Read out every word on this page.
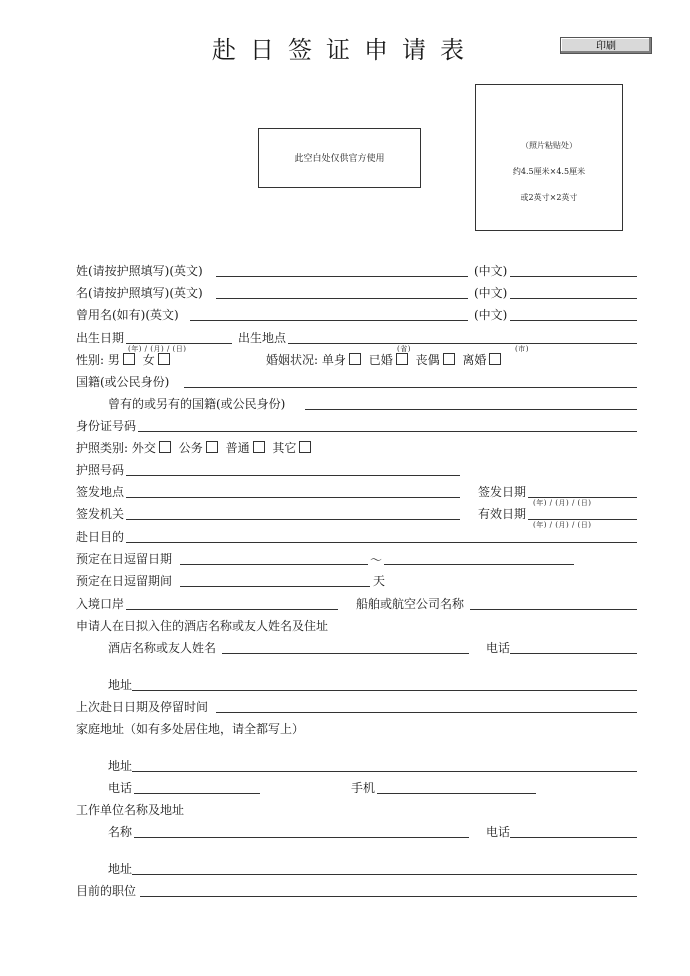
赴日签证申请表	印刷
此空白处仅供官方使用
（照片粘贴处）
约4.5厘米×4.5厘米
或2英寸×2英寸
姓(请按护照填写)(英文)	(中文)
名(请按护照填写)(英文)	(中文)
曾用名(如有)(英文)	(中文)
出生日期
(年) / (月) / (日)
出生地点
(省)	(市)
性别: 男 女	婚姻状况: 单身 已婚 丧偶 离婚
国籍(或公民身份)
曾有的或另有的国籍(或公民身份)
身份证号码
护照类别: 外交 公务 普通 其它
护照号码
签发地点	签发日期
(年) / (月) / (日)
签发机关	有效日期
(年) / (月) / (日)
赴日目的
预定在日逗留日期	～
预定在日逗留期间	天
入境口岸	船舶或航空公司名称
申请人在日拟入住的酒店名称或友人姓名及住址
酒店名称或友人姓名	电话
地址
上次赴日日期及停留时间
家庭地址（如有多处居住地，请全都写上）
地址
电话	手机
工作单位名称及地址
名称	电话
地址
目前的职位
